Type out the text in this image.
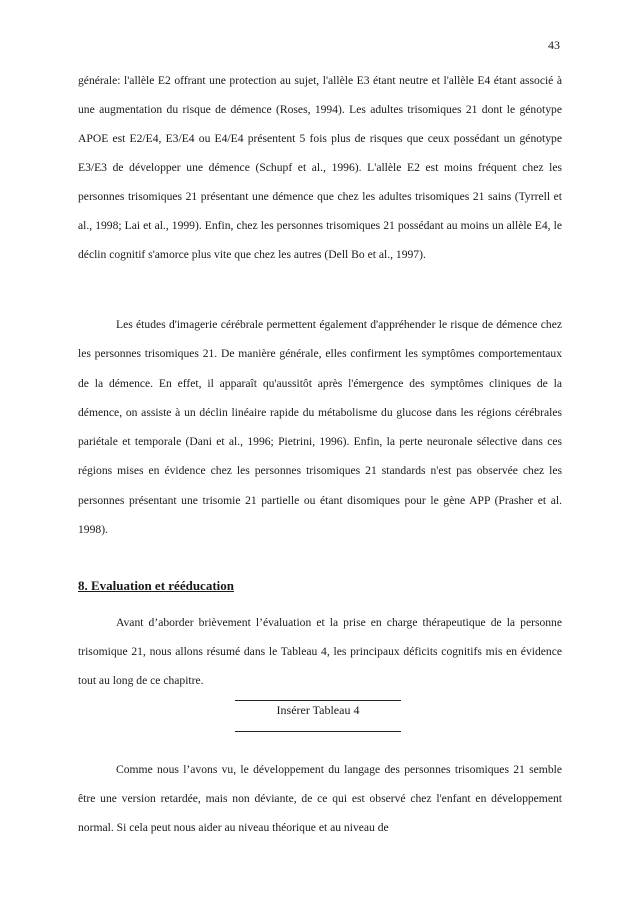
43

générale: l'allèle E2 offrant une protection au sujet, l'allèle E3 étant neutre et l'allèle E4 étant associé à une augmentation du risque de démence (Roses, 1994). Les adultes trisomiques 21 dont le génotype APOE est E2/E4, E3/E4 ou E4/E4 présentent 5 fois plus de risques que ceux possédant un génotype E3/E3 de développer une démence (Schupf et al., 1996). L'allèle E2 est moins fréquent chez les personnes trisomiques 21 présentant une démence que chez les adultes trisomiques 21 sains (Tyrrell et al., 1998; Lai et al., 1999). Enfin, chez les personnes trisomiques 21 possédant au moins un allèle E4, le déclin cognitif s'amorce plus vite que chez les autres (Dell Bo et al., 1997).

Les études d'imagerie cérébrale permettent également d'appréhender le risque de démence chez les personnes trisomiques 21. De manière générale, elles confirment les symptômes comportementaux de la démence. En effet, il apparaît qu'aussitôt après l'émergence des symptômes cliniques de la démence, on assiste à un déclin linéaire rapide du métabolisme du glucose dans les régions cérébrales pariétale et temporale (Dani et al., 1996; Pietrini, 1996). Enfin, la perte neuronale sélective dans ces régions mises en évidence chez les personnes trisomiques 21 standards n'est pas observée chez les personnes présentant une trisomie 21 partielle ou étant disomiques pour le gène APP (Prasher et al. 1998).

8. Evaluation et rééducation

Avant d’aborder brièvement l’évaluation et la prise en charge thérapeutique de la personne trisomique 21, nous allons résumé dans le Tableau 4, les principaux déficits cognitifs mis en évidence tout au long de ce chapitre.

Insérer Tableau 4

Comme nous l’avons vu, le développement du langage des personnes trisomiques 21 semble être une version retardée, mais non déviante, de ce qui est observé chez l'enfant en développement normal. Si cela peut nous aider au niveau théorique et au niveau de
